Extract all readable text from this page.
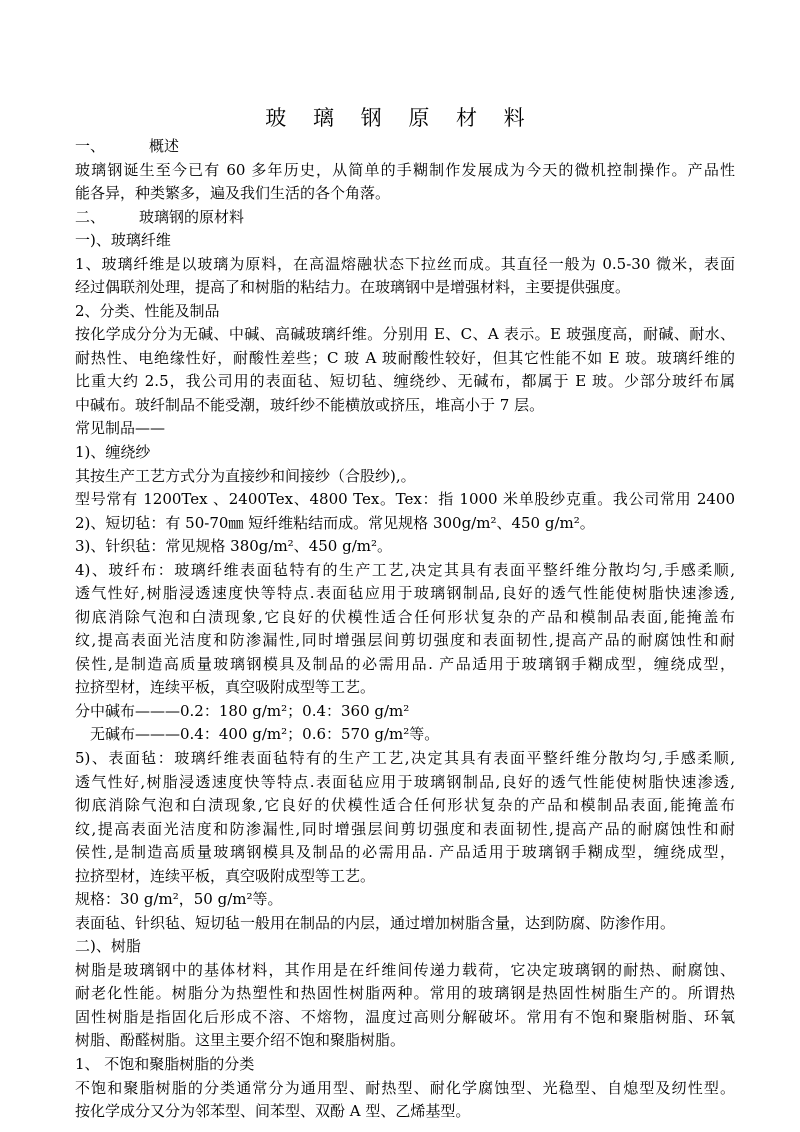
玻 璃 钢 原 材 料
一、	概述
玻璃钢诞生至今已有 60 多年历史，从简单的手糊制作发展成为今天的微机控制操作。产品性
能各异，种类繁多，遍及我们生活的各个角落。
二、 玻璃钢的原材料
一)、玻璃纤维
1、玻璃纤维是以玻璃为原料，在高温熔融状态下拉丝而成。其直径一般为 0.5-30 微米，表面
经过偶联剂处理，提高了和树脂的粘结力。在玻璃钢中是增强材料，主要提供强度。
2、分类、性能及制品
按化学成分分为无碱、中碱、高碱玻璃纤维。分别用 E、C、A 表示。E 玻强度高，耐碱、耐水、
耐热性、电绝缘性好，耐酸性差些；C 玻 A 玻耐酸性较好，但其它性能不如 E 玻。玻璃纤维的
比重大约 2.5，我公司用的表面毡、短切毡、缠绕纱、无碱布，都属于 E 玻。少部分玻纤布属
中碱布。玻纤制品不能受潮，玻纤纱不能横放或挤压，堆高小于 7 层。
常见制品——
1)、缠绕纱
其按生产工艺方式分为直接纱和间接纱（合股纱),。
型号常有 1200Tex 、2400Tex、4800 Tex。Tex：指 1000 米单股纱克重。我公司常用 2400
2)、短切毡：有 50-70㎜ 短纤维粘结而成。常见规格 300g/m²、450 g/m²。
3)、针织毡：常见规格 380g/m²、450 g/m²。
4)、玻纤布：玻璃纤维表面毡特有的生产工艺,决定其具有表面平整纤维分散均匀,手感柔顺,
透气性好,树脂浸透速度快等特点.表面毡应用于玻璃钢制品,良好的透气性能使树脂快速渗透,
彻底消除气泡和白渍现象,它良好的伏模性适合任何形状复杂的产品和模制品表面,能掩盖布
纹,提高表面光洁度和防渗漏性,同时增强层间剪切强度和表面韧性,提高产品的耐腐蚀性和耐
侯性,是制造高质量玻璃钢模具及制品的必需用品. 产品适用于玻璃钢手糊成型，缠绕成型，
拉挤型材，连续平板，真空吸附成型等工艺。
分中碱布———0.2：180 g/m²；0.4：360 g/m²
无碱布———0.4：400 g/m²；0.6：570 g/m²等。
5)、表面毡：玻璃纤维表面毡特有的生产工艺,决定其具有表面平整纤维分散均匀,手感柔顺,
透气性好,树脂浸透速度快等特点.表面毡应用于玻璃钢制品,良好的透气性能使树脂快速渗透,
彻底消除气泡和白渍现象,它良好的伏模性适合任何形状复杂的产品和模制品表面,能掩盖布
纹,提高表面光洁度和防渗漏性,同时增强层间剪切强度和表面韧性,提高产品的耐腐蚀性和耐
侯性,是制造高质量玻璃钢模具及制品的必需用品. 产品适用于玻璃钢手糊成型，缠绕成型，
拉挤型材，连续平板，真空吸附成型等工艺。
规格：30 g/m²，50 g/m²等。
表面毡、针织毡、短切毡一般用在制品的内层，通过增加树脂含量，达到防腐、防渗作用。
二)、树脂
树脂是玻璃钢中的基体材料，其作用是在纤维间传递力载荷，它决定玻璃钢的耐热、耐腐蚀、
耐老化性能。树脂分为热塑性和热固性树脂两种。常用的玻璃钢是热固性树脂生产的。所谓热
固性树脂是指固化后形成不溶、不熔物，温度过高则分解破坏。常用有不饱和聚脂树脂、环氧
树脂、酚醛树脂。这里主要介绍不饱和聚脂树脂。
1、 不饱和聚脂树脂的分类
不饱和聚脂树脂的分类通常分为通用型、耐热型、耐化学腐蚀型、光稳型、自熄型及纫性型。
按化学成分又分为邻苯型、间苯型、双酚 A 型、乙烯基型。
